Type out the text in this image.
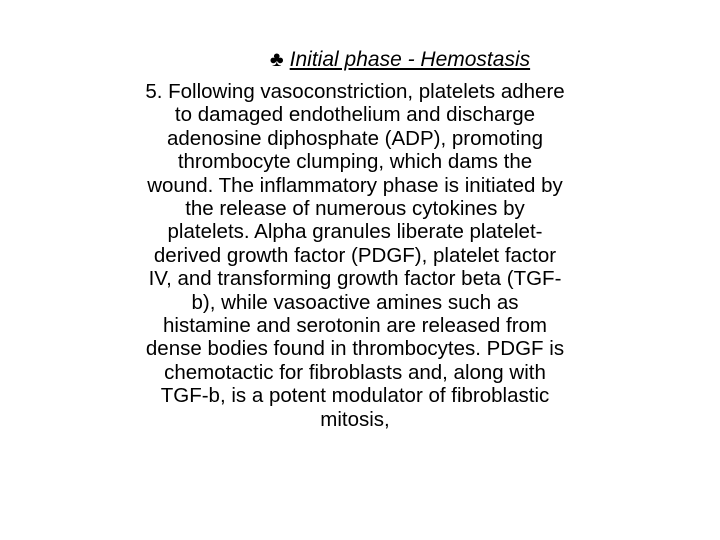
♣ Initial phase - Hemostasis
5. Following vasoconstriction, platelets adhere
to damaged endothelium and discharge
adenosine diphosphate (ADP), promoting
thrombocyte clumping, which dams the
wound. The inflammatory phase is initiated by
the release of numerous cytokines by
platelets. Alpha granules liberate platelet-
derived growth factor (PDGF), platelet factor
IV, and transforming growth factor beta (TGF-
b), while vasoactive amines such as
histamine and serotonin are released from
dense bodies found in thrombocytes. PDGF is
chemotactic for fibroblasts and, along with
TGF-b, is a potent modulator of fibroblastic
mitosis,
